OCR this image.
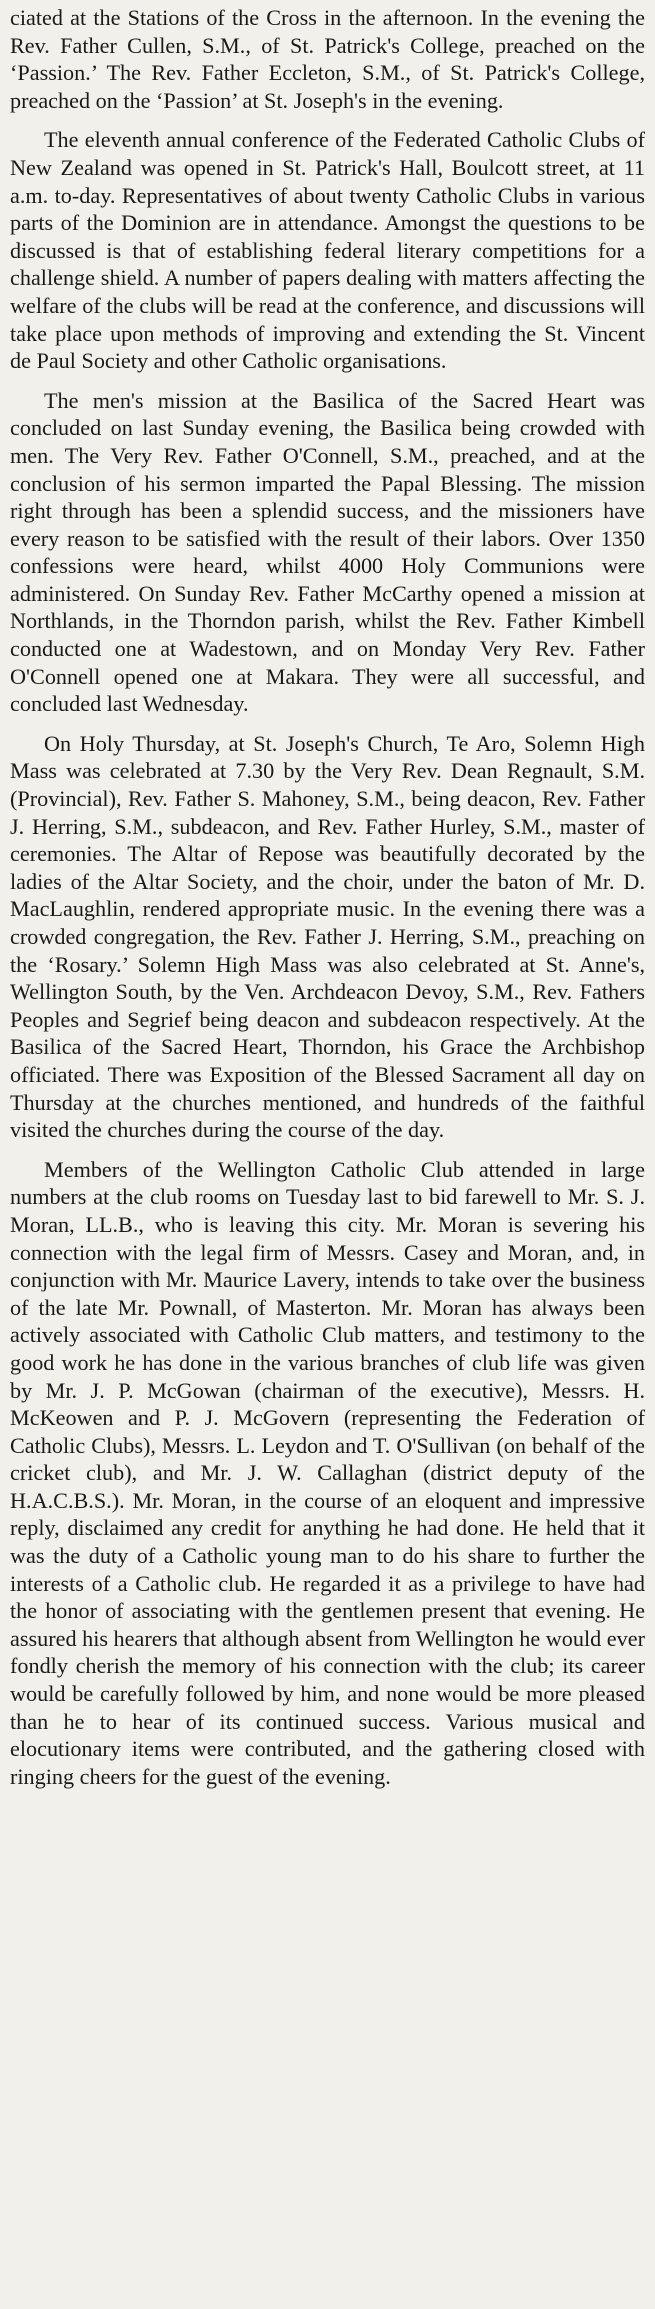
ciated at the Stations of the Cross in the afternoon. In the evening the Rev. Father Cullen, S.M., of St. Patrick's College, preached on the ‘Passion.’ The Rev. Father Eccleton, S.M., of St. Patrick's College, preached on the ‘Passion’ at St. Joseph's in the evening.

The eleventh annual conference of the Federated Catholic Clubs of New Zealand was opened in St. Patrick's Hall, Boulcott street, at 11 a.m. to-day. Representatives of about twenty Catholic Clubs in various parts of the Dominion are in attendance. Amongst the questions to be discussed is that of establishing federal literary competitions for a challenge shield. A number of papers dealing with matters affecting the welfare of the clubs will be read at the conference, and discussions will take place upon methods of improving and extending the St. Vincent de Paul Society and other Catholic organisations.

The men's mission at the Basilica of the Sacred Heart was concluded on last Sunday evening, the Basilica being crowded with men. The Very Rev. Father O'Connell, S.M., preached, and at the conclusion of his sermon imparted the Papal Blessing. The mission right through has been a splendid success, and the missioners have every reason to be satisfied with the result of their labors. Over 1350 confessions were heard, whilst 4000 Holy Communions were administered. On Sunday Rev. Father McCarthy opened a mission at Northlands, in the Thorndon parish, whilst the Rev. Father Kimbell conducted one at Wadestown, and on Monday Very Rev. Father O'Connell opened one at Makara. They were all successful, and concluded last Wednesday.

On Holy Thursday, at St. Joseph's Church, Te Aro, Solemn High Mass was celebrated at 7.30 by the Very Rev. Dean Regnault, S.M. (Provincial), Rev. Father S. Mahoney, S.M., being deacon, Rev. Father J. Herring, S.M., subdeacon, and Rev. Father Hurley, S.M., master of ceremonies. The Altar of Repose was beautifully decorated by the ladies of the Altar Society, and the choir, under the baton of Mr. D. MacLaughlin, rendered appropriate music. In the evening there was a crowded congregation, the Rev. Father J. Herring, S.M., preaching on the ‘Rosary.’ Solemn High Mass was also celebrated at St. Anne's, Wellington South, by the Ven. Archdeacon Devoy, S.M., Rev. Fathers Peoples and Segrief being deacon and subdeacon respectively. At the Basilica of the Sacred Heart, Thorndon, his Grace the Archbishop officiated. There was Exposition of the Blessed Sacrament all day on Thursday at the churches mentioned, and hundreds of the faithful visited the churches during the course of the day.

Members of the Wellington Catholic Club attended in large numbers at the club rooms on Tuesday last to bid farewell to Mr. S. J. Moran, LL.B., who is leaving this city. Mr. Moran is severing his connection with the legal firm of Messrs. Casey and Moran, and, in conjunction with Mr. Maurice Lavery, intends to take over the business of the late Mr. Pownall, of Masterton. Mr. Moran has always been actively associated with Catholic Club matters, and testimony to the good work he has done in the various branches of club life was given by Mr. J. P. McGowan (chairman of the executive), Messrs. H. McKeowen and P. J. McGovern (representing the Federation of Catholic Clubs), Messrs. L. Leydon and T. O'Sullivan (on behalf of the cricket club), and Mr. J. W. Callaghan (district deputy of the H.A.C.B.S.). Mr. Moran, in the course of an eloquent and impressive reply, disclaimed any credit for anything he had done. He held that it was the duty of a Catholic young man to do his share to further the interests of a Catholic club. He regarded it as a privilege to have had the honor of associating with the gentlemen present that evening. He assured his hearers that although absent from Wellington he would ever fondly cherish the memory of his connection with the club; its career would be carefully followed by him, and none would be more pleased than he to hear of its continued success. Various musical and elocutionary items were contributed, and the gathering closed with ringing cheers for the guest of the evening.
